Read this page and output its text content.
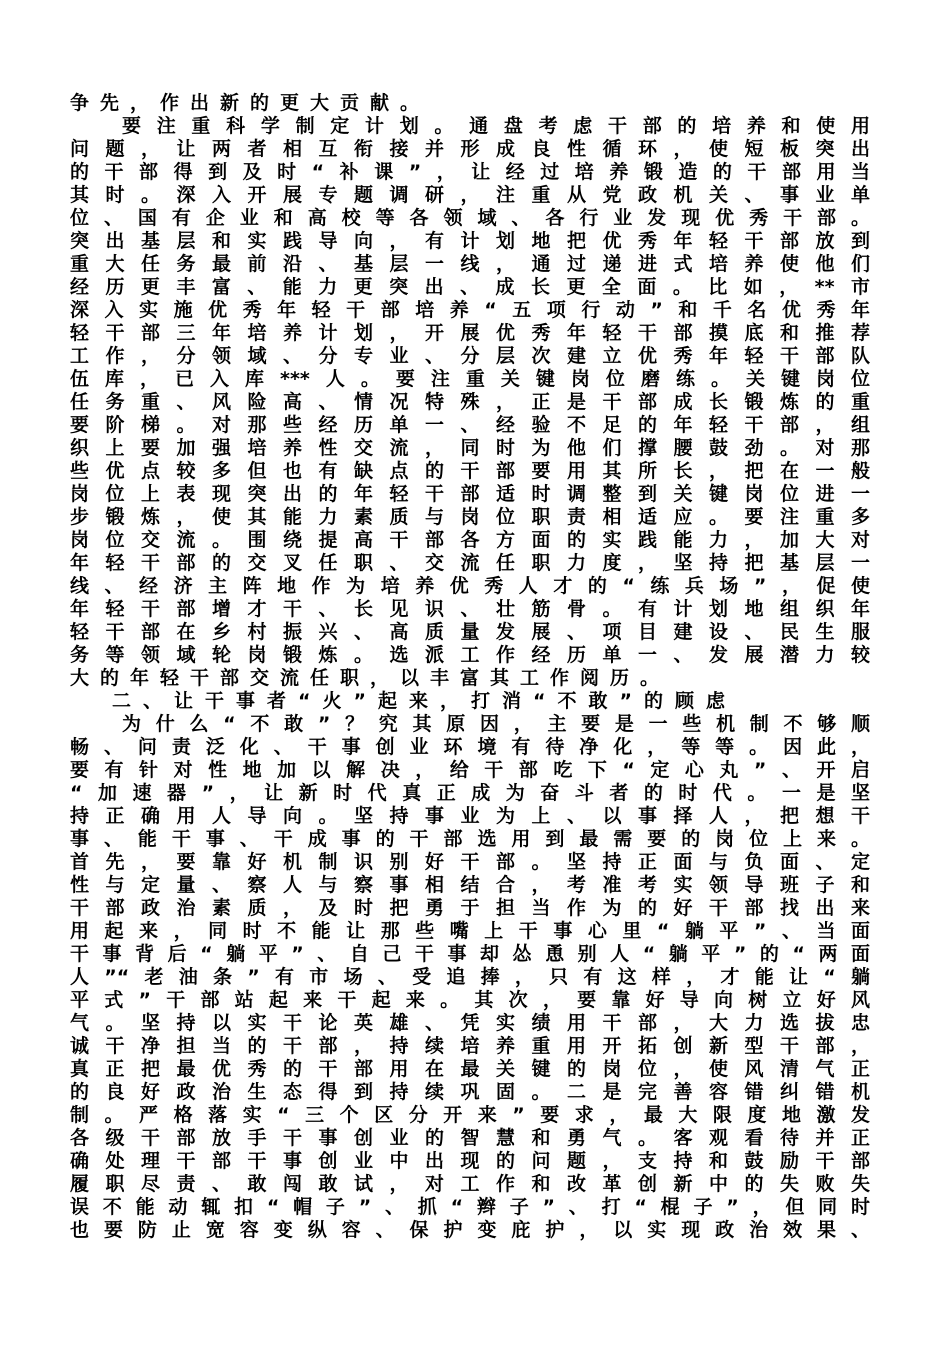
争先，作出新的更大贡献。
要注重科学制定计划。通盘考虑干部的培养和使用
问题，让两者相互衔接并形成良性循环，使短板突出
的干部得到及时“补课”，让经过培养锻造的干部用当
其时。深入开展专题调研，注重从党政机关、事业单
位、国有企业和高校等各领域、各行业发现优秀干部。
突出基层和实践导向，有计划地把优秀年轻干部放到
重大任务最前沿、基层一线，通过递进式培养使他们
经历更丰富、能力更突出、成长更全面。比如，**市
深入实施优秀年轻干部培养“五项行动”和千名优秀年
轻干部三年培养计划，开展优秀年轻干部摸底和推荐
工作，分领域、分专业、分层次建立优秀年轻干部队
伍库，已入库***人。要注重关键岗位磨练。关键岗位
任务重、风险高、情况特殊，正是干部成长锻炼的重
要阶梯。对那些经历单一、经验不足的年轻干部，组
织上要加强培养性交流，同时为他们撑腰鼓劲。对那
些优点较多但也有缺点的干部要用其所长，把在一般
岗位上表现突出的年轻干部适时调整到关键岗位进一
步锻炼，使其能力素质与岗位职责相适应。要注重多
岗位交流。围绕提高干部各方面的实践能力，加大对
年轻干部的交叉任职、交流任职力度，坚持把基层一
线、经济主阵地作为培养优秀人才的“练兵场”，促使
年轻干部增才干、长见识、壮筋骨。有计划地组织年
轻干部在乡村振兴、高质量发展、项目建设、民生服
务等领域轮岗锻炼。选派工作经历单一、发展潜力较
大的年轻干部交流任职，以丰富其工作阅历。
二、让干事者“火”起来，打消“不敢”的顾虑
为什么“不敢”？究其原因，主要是一些机制不够顺
畅、问责泛化、干事创业环境有待净化，等等。因此，
要有针对性地加以解决，给干部吃下“定心丸”、开启
“加速器”，让新时代真正成为奋斗者的时代。一是坚
持正确用人导向。坚持事业为上、以事择人，把想干
事、能干事、干成事的干部选用到最需要的岗位上来。
首先，要靠好机制识别好干部。坚持正面与负面、定
性与定量、察人与察事相结合，考准考实领导班子和
干部政治素质，及时把勇于担当作为的好干部找出来
用起来，同时不能让那些嘴上干事心里“躺平”、当面
干事背后“躺平”、自己干事却怂恿别人“躺平”的“两面
人”“老油条”有市场、受追捧，只有这样，才能让“躺
平式”干部站起来干起来。其次，要靠好导向树立好风
气。坚持以实干论英雄、凭实绩用干部，大力选拔忠
诚干净担当的干部，持续培养重用开拓创新型干部，
真正把最优秀的干部用在最关键的岗位，使风清气正
的良好政治生态得到持续巩固。二是完善容错纠错机
制。严格落实“三个区分开来”要求，最大限度地激发
各级干部放手干事创业的智慧和勇气。客观看待并正
确处理干部干事创业中出现的问题，支持和鼓励干部
履职尽责、敢闯敢试，对工作和改革创新中的失败失
误不能动辄扣“帽子”、抓“辫子”、打“棍子”，但同时
也要防止宽容变纵容、保护变庇护，以实现政治效果、
